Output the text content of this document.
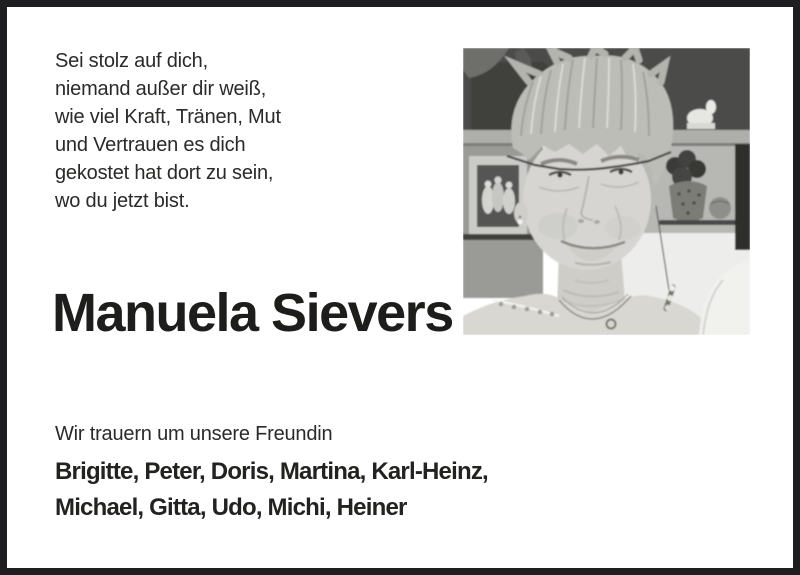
Sei stolz auf dich,
niemand außer dir weiß,
wie viel Kraft, Tränen, Mut
und Vertrauen es dich
gekostet hat dort zu sein,
wo du jetzt bist.
Manuela Sievers
Wir trauern um unsere Freundin
Brigitte, Peter, Doris, Martina, Karl-Heinz,
Michael, Gitta, Udo, Michi, Heiner
